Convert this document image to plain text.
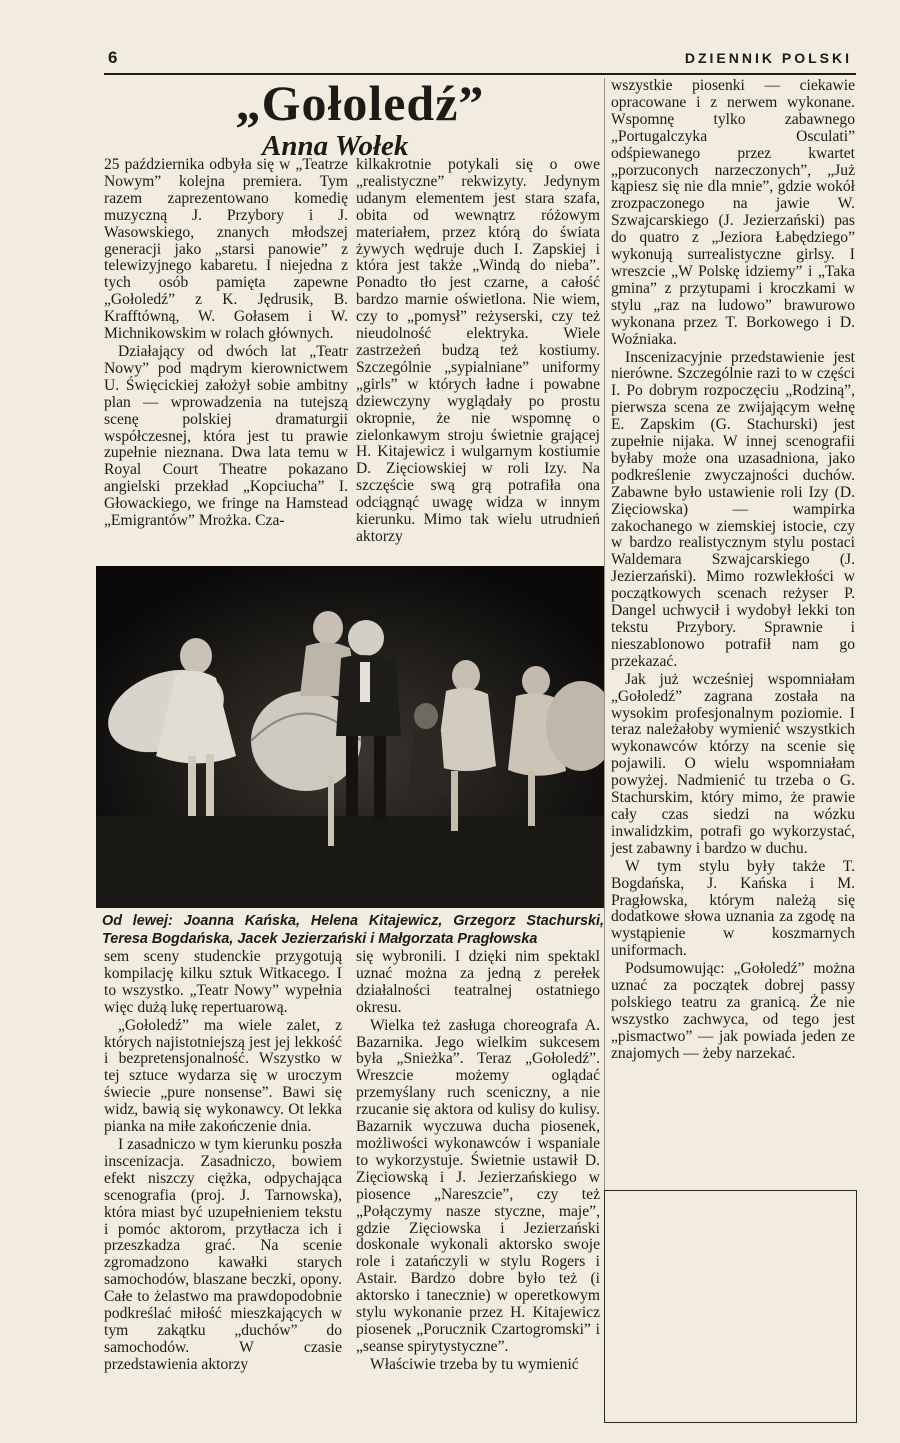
6	DZIENNIK POLSKI
„Gołoledź”
Anna Wołek

25 października odbyła się w „Teatrze Nowym” kolejna premiera. Tym razem zaprezentowano komedię muzyczną J. Przybory i J. Wasowskiego, znanych młodszej generacji jako „starsi panowie” z telewizyjnego kabaretu. I niejedna z tych osób pamięta zapewne „Gołoledź” z K. Jędrusik, B. Krafftówną, W. Gołasem i W. Michnikowskim w rolach głównych.

Działający od dwóch lat „Teatr Nowy” pod mądrym kierownictwem U. Święcickiej założył sobie ambitny plan — wprowadzenia na tutejszą scenę polskiej dramaturgii współczesnej, która jest tu prawie zupełnie nieznana. Dwa lata temu w Royal Court Theatre pokazano angielski przekład „Kopciucha” I. Głowackiego, we fringe na Hamstead „Emigrantów” Mrożka. Cza-

kilkakrotnie potykali się o owe „realistyczne” rekwizyty. Jedynym udanym elementem jest stara szafa, obita od wewnątrz różowym materiałem, przez którą do świata żywych wędruje duch I. Zapskiej i która jest także „Windą do nieba”. Ponadto tło jest czarne, a całość bardzo marnie oświetlona. Nie wiem, czy to „pomysł” reżyserski, czy też nieudolność elektryka. Wiele zastrzeżeń budzą też kostiumy. Szczególnie „sypialniane” uniformy „girls” w których ładne i powabne dziewczyny wyglądały po prostu okropnie, że nie wspomnę o zielonkawym stroju świetnie grającej H. Kitajewicz i wulgarnym kostiumie D. Zięciowskiej w roli Izy. Na szczęście swą grą potrafiła ona odciągnąć uwagę widza w innym kierunku. Mimo tak wielu utrudnień aktorzy

Od lewej: Joanna Kańska, Helena Kitajewicz, Grzegorz Stachurski, Teresa Bogdańska, Jacek Jezierzański i Małgorzata Pragłowska

sem sceny studenckie przygotują kompilację kilku sztuk Witkacego. I to wszystko. „Teatr Nowy” wypełnia więc dużą lukę repertuarową.

„Gołoledź” ma wiele zalet, z których najistotniejszą jest jej lekkość i bezpretensjonalność. Wszystko w tej sztuce wydarza się w uroczym świecie „pure nonsense”. Bawi się widz, bawią się wykonawcy. Ot lekka pianka na miłe zakończenie dnia.

I zasadniczo w tym kierunku poszła inscenizacja. Zasadniczo, bowiem efekt niszczy ciężka, odpychająca scenografia (proj. J. Tarnowska), która miast być uzupełnieniem tekstu i pomóc aktorom, przytłacza ich i przeszkadza grać. Na scenie zgromadzono kawałki starych samochodów, blaszane beczki, opony. Całe to żelastwo ma prawdopodobnie podkreślać miłość mieszkających w tym zakątku „duchów” do samochodów. W czasie przedstawienia aktorzy

się wybronili. I dzięki nim spektakl uznać można za jedną z perełek działalności teatralnej ostatniego okresu.

Wielka też zasługa choreografa A. Bazarnika. Jego wielkim sukcesem była „Snieżka”. Teraz „Gołoledź”. Wreszcie możemy oglądać przemyślany ruch sceniczny, a nie rzucanie się aktora od kulisy do kulisy. Bazarnik wyczuwa ducha piosenek, możliwości wykonawców i wspaniale to wykorzystuje. Świetnie ustawił D. Zięciowską i J. Jezierzańskiego w piosence „Nareszcie”, czy też „Połączymy nasze styczne, maje”, gdzie Zięciowska i Jezierzański doskonale wykonali aktorsko swoje role i zatańczyli w stylu Rogers i Astair. Bardzo dobre było też (i aktorsko i tanecznie) w operetkowym stylu wykonanie przez H. Kitajewicz piosenek „Porucznik Czartogromski” i „seanse spirytystyczne”.

Właściwie trzeba by tu wymienić

wszystkie piosenki — ciekawie opracowane i z nerwem wykonane. Wspomnę tylko zabawnego „Portugalczyka Osculati” odśpiewanego przez kwartet „porzuconych narzeczonych”, „Już kąpiesz się nie dla mnie”, gdzie wokół zrozpaczonego na jawie W. Szwajcarskiego (J. Jezierzański) pas do quatro z „Jeziora Łabędziego” wykonują surrealistyczne girlsy. I wreszcie „W Polskę idziemy” i „Taka gmina” z przytupami i kroczkami w stylu „raz na ludowo” brawurowo wykonana przez T. Borkowego i D. Woźniaka.

Inscenizacyjnie przedstawienie jest nierówne. Szczególnie razi to w części I. Po dobrym rozpoczęciu „Rodziną”, pierwsza scena ze zwijającym wełnę E. Zapskim (G. Stachurski) jest zupełnie nijaka. W innej scenografii byłaby może ona uzasadniona, jako podkreślenie zwyczajności duchów. Zabawne było ustawienie roli Izy (D. Zięciowska) — wampirka zakochanego w ziemskiej istocie, czy w bardzo realistycznym stylu postaci Waldemara Szwajcarskiego (J. Jezierzański). Mimo rozwlekłości w początkowych scenach reżyser P. Dangel uchwycił i wydobył lekki ton tekstu Przybory. Sprawnie i nieszablonowo potrafił nam go przekazać.

Jak już wcześniej wspomniałam „Gołoledź” zagrana została na wysokim profesjonalnym poziomie. I teraz należałoby wymienić wszystkich wykonawców którzy na scenie się pojawili. O wielu wspomniałam powyżej. Nadmienić tu trzeba o G. Stachurskim, który mimo, że prawie cały czas siedzi na wózku inwalidzkim, potrafi go wykorzystać, jest zabawny i bardzo w duchu.

W tym stylu były także T. Bogdańska, J. Kańska i M. Pragłowska, którym należą się dodatkowe słowa uznania za zgodę na wystąpienie w koszmarnych uniformach.

Podsumowując: „Gołoledź” można uznać za początek dobrej passy polskiego teatru za granicą. Że nie wszystko zachwyca, od tego jest „pismactwo” — jak powiada jeden ze znajomych — żeby narzekać.
